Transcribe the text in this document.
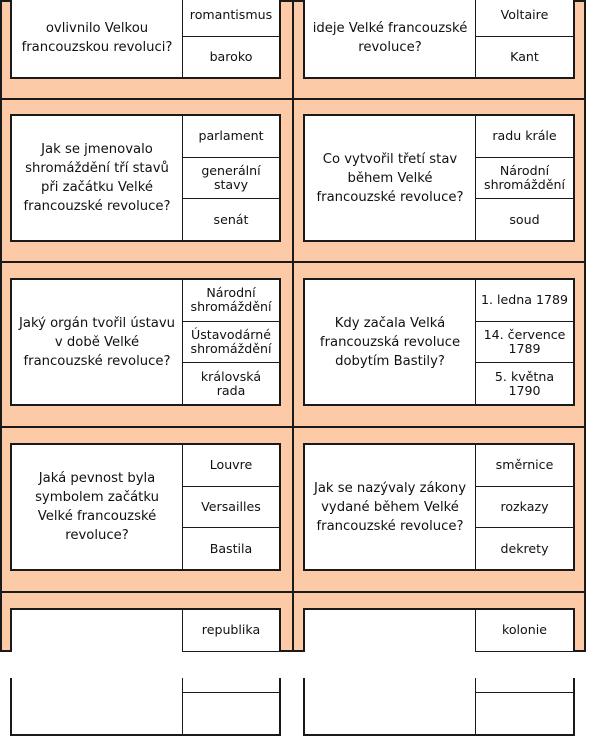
ovlivnilo Velkou francouzskou revoluci?
romantismus
baroko
ideje Velké francouzské revoluce?
Voltaire
Kant
Jak se jmenovalo shromáždění tří stavů při začátku Velké francouzské revoluce?
parlament
generální stavy
senát
Co vytvořil třetí stav během Velké francouzské revoluce?
radu krále
Národní shromáždění
soud
Jaký orgán tvořil ústavu v době Velké francouzské revoluce?
Národní shromáždění
Ústavodárné shromáždění
královská rada
Kdy začala Velká francouzská revoluce dobytím Bastily?
1. ledna 1789
14. července 1789
5. května 1790
Jaká pevnost byla symbolem začátku Velké francouzské revoluce?
Louvre
Versailles
Bastila
Jak se nazývaly zákony vydané během Velké francouzské revoluce?
směrnice
rozkazy
dekrety
republika	kolonie
